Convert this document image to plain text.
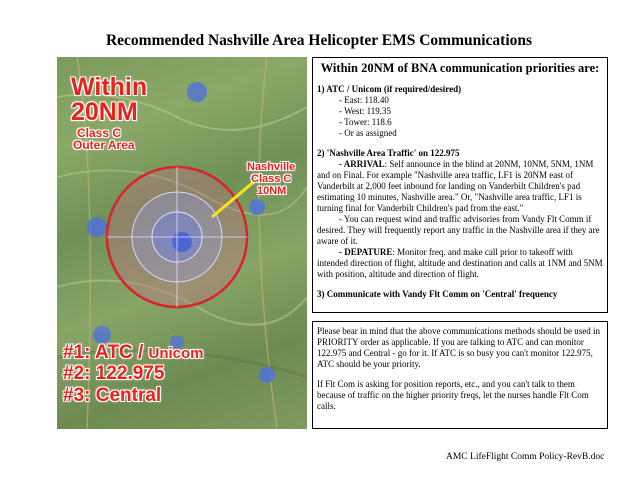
Recommended Nashville Area Helicopter EMS Communications
Within
20NM
Class C
Outer Area
Nashville
Class C
10NM
#1: ATC / Unicom
#2: 122.975
#3: Central
Within 20NM of BNA communication priorities are:
1) ATC / Unicom (if required/desired)
- East: 118.40
- West: 119.35
- Tower: 118.6
- Or as assigned
2) 'Nashville Area Traffic' on 122.975
- ARRIVAL: Self announce in the blind at 20NM, 10NM, 5NM, 1NM and on Final. For example "Nashville area traffic, LF1 is 20NM east of Vanderbilt at 2,000 feet inbound for landing on Vanderbilt Children's pad estimating 10 minutes, Nashville area." Or, "Nashville area traffic, LF1 is turning final for Vanderbilt Children's pad from the east."
- You can request wind and traffic advisories from Vandy Flt Comm if desired. They will frequently report any traffic in the Nashville area if they are aware of it.
- DEPATURE: Monitor freq. and make call prior to takeoff with intended direction of flight, altitude and destination and calls at 1NM and 5NM with position, altitude and direction of flight.
3) Communicate with Vandy Flt Comm on 'Central' frequency
Please bear in mind that the above communications methods should be used in PRIORITY order as applicable. If you are talking to ATC and can monitor 122.975 and Central - go for it. If ATC is so busy you can't monitor 122.975, ATC should be your priority.
If Flt Com is asking for position reports, etc., and you can't talk to them because of traffic on the higher priority freqs, let the nurses handle Flt Com calls.
AMC LifeFlight Comm Policy-RevB.doc
